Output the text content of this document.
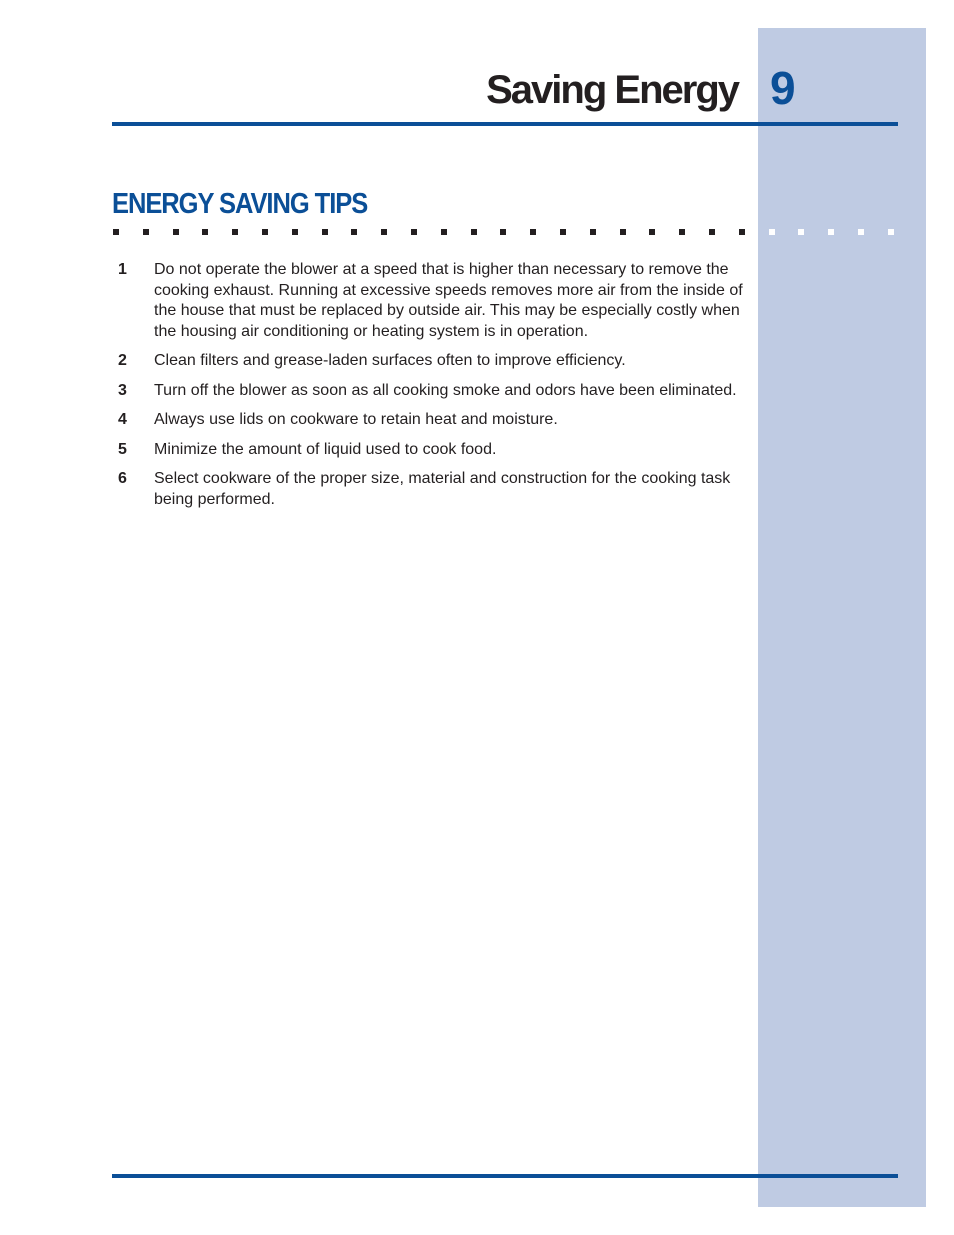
Saving Energy 9
ENERGY SAVING TIPS
1 Do not operate the blower at a speed that is higher than necessary to remove the cooking exhaust. Running at excessive speeds removes more air from the inside of the house that must be replaced by outside air. This may be especially costly when the housing air conditioning or heating system is in operation.
2 Clean filters and grease-laden surfaces often to improve efficiency.
3 Turn off the blower as soon as all cooking smoke and odors have been eliminated.
4 Always use lids on cookware to retain heat and moisture.
5 Minimize the amount of liquid used to cook food.
6 Select cookware of the proper size, material and construction for the cooking task being performed.
